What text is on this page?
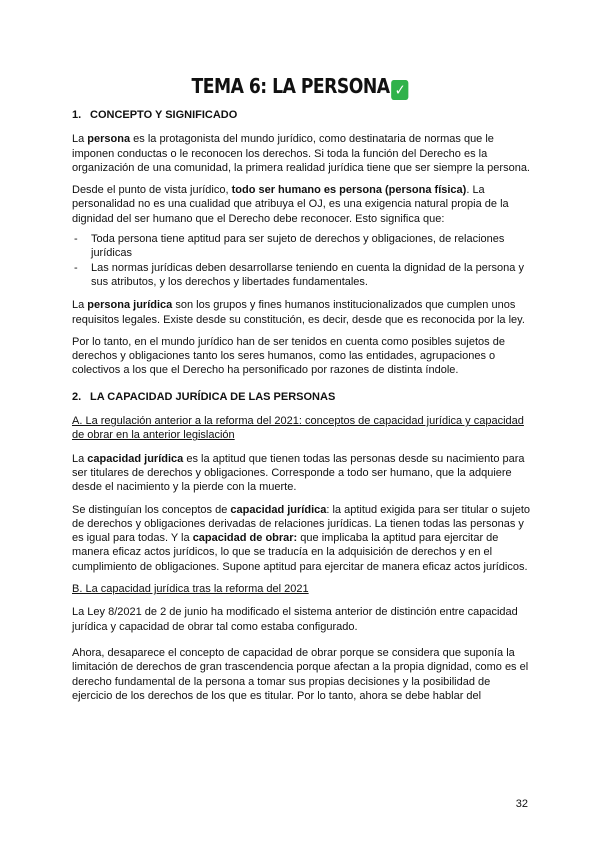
TEMA 6: LA PERSONA ✓
1. CONCEPTO Y SIGNIFICADO

La persona es la protagonista del mundo jurídico, como destinataria de normas que le imponen conductas o le reconocen los derechos. Si toda la función del Derecho es la organización de una comunidad, la primera realidad jurídica tiene que ser siempre la persona.

Desde el punto de vista jurídico, todo ser humano es persona (persona física). La personalidad no es una cualidad que atribuya el OJ, es una exigencia natural propia de la dignidad del ser humano que el Derecho debe reconocer. Esto significa que:

- Toda persona tiene aptitud para ser sujeto de derechos y obligaciones, de relaciones jurídicas
- Las normas jurídicas deben desarrollarse teniendo en cuenta la dignidad de la persona y sus atributos, y los derechos y libertades fundamentales.

La persona jurídica son los grupos y fines humanos institucionalizados que cumplen unos requisitos legales. Existe desde su constitución, es decir, desde que es reconocida por la ley.

Por lo tanto, en el mundo jurídico han de ser tenidos en cuenta como posibles sujetos de derechos y obligaciones tanto los seres humanos, como las entidades, agrupaciones o colectivos a los que el Derecho ha personificado por razones de distinta índole.

2. LA CAPACIDAD JURÍDICA DE LAS PERSONAS

A. La regulación anterior a la reforma del 2021: conceptos de capacidad jurídica y capacidad de obrar en la anterior legislación

La capacidad jurídica es la aptitud que tienen todas las personas desde su nacimiento para ser titulares de derechos y obligaciones. Corresponde a todo ser humano, que la adquiere desde el nacimiento y la pierde con la muerte.

Se distinguían los conceptos de capacidad jurídica: la aptitud exigida para ser titular o sujeto de derechos y obligaciones derivadas de relaciones jurídicas. La tienen todas las personas y es igual para todas. Y la capacidad de obrar: que implicaba la aptitud para ejercitar de manera eficaz actos jurídicos, lo que se traducía en la adquisición de derechos y en el cumplimiento de obligaciones. Supone aptitud para ejercitar de manera eficaz actos jurídicos.

B. La capacidad jurídica tras la reforma del 2021

La Ley 8/2021 de 2 de junio ha modificado el sistema anterior de distinción entre capacidad jurídica y capacidad de obrar tal como estaba configurado.

Ahora, desaparece el concepto de capacidad de obrar porque se considera que suponía la limitación de derechos de gran trascendencia porque afectan a la propia dignidad, como es el derecho fundamental de la persona a tomar sus propias decisiones y la posibilidad de ejercicio de los derechos de los que es titular. Por lo tanto, ahora se debe hablar del

32
